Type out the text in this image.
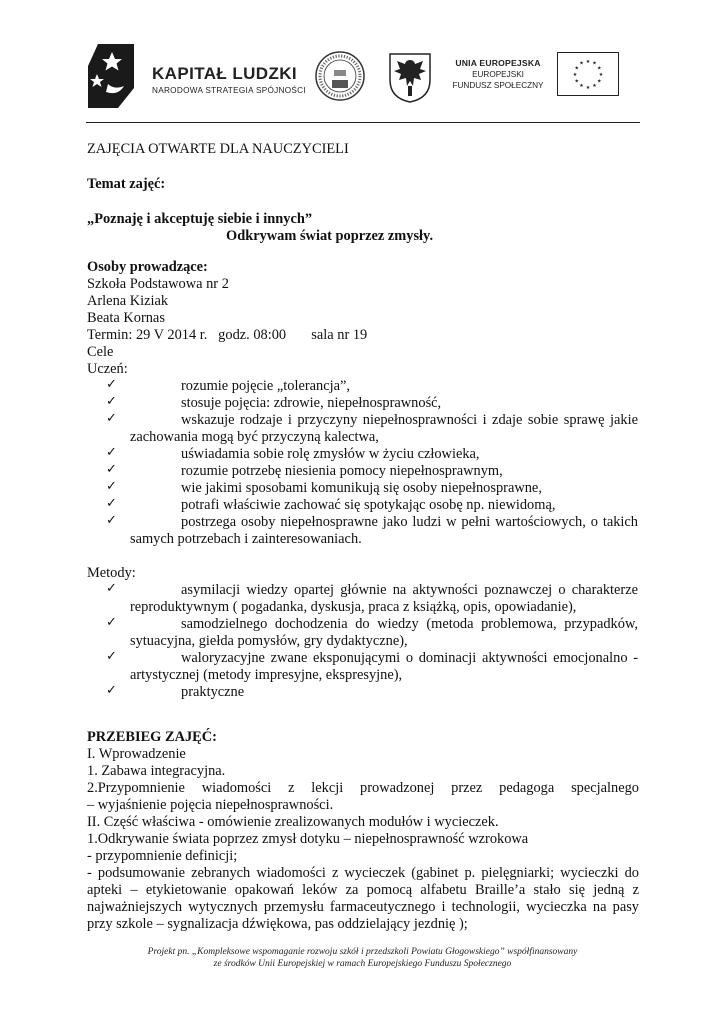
KAPITAŁ LUDZKI
NARODOWA STRATEGIA SPÓJNOŚCI
UNIA EUROPEJSKA
EUROPEJSKI
FUNDUSZ SPOŁECZNY
★ ★
★
★
★
★
★
★
★
★
★
★
ZAJĘCIA OTWARTE DLA NAUCZYCIELI
Temat zajęć:
„Poznaję i akceptuję siebie i innych”
Odkrywam świat poprzez zmysły.
Osoby prowadzące:
Szkoła Podstawowa nr 2
Arlena Kiziak
Beata Kornas
Termin: 29 V 2014 r.   godz. 08:00       sala nr 19
Cele
Uczeń:
✓	rozumie pojęcie „tolerancja”,
✓	stosuje pojęcia: zdrowie, niepełnosprawność,
✓	wskazuje rodzaje i przyczyny niepełnosprawności i zdaje sobie sprawę jakie
zachowania mogą być przyczyną kalectwa,
✓	uświadamia sobie rolę zmysłów w życiu człowieka,
✓	rozumie potrzebę niesienia pomocy niepełnosprawnym,
✓	wie jakimi sposobami komunikują się osoby niepełnosprawne,
✓	potrafi właściwie zachować się spotykając osobę np. niewidomą,
✓	postrzega osoby niepełnosprawne jako ludzi w pełni wartościowych, o takich
samych potrzebach i zainteresowaniach.
Metody:
✓	asymilacji wiedzy opartej głównie na aktywności poznawczej o charakterze
reproduktywnym ( pogadanka, dyskusja, praca z książką, opis, opowiadanie),
✓	samodzielnego dochodzenia do wiedzy (metoda problemowa, przypadków,
sytuacyjna, giełda pomysłów, gry dydaktyczne),
✓	waloryzacyjne zwane eksponującymi o dominacji aktywności emocjonalno -
artystycznej (metody impresyjne, ekspresyjne),
✓	praktyczne
PRZEBIEG ZAJĘĆ:
I. Wprowadzenie
1. Zabawa integracyjna.
2.Przypomnienie  wiadomości  z  lekcji  prowadzonej  przez  pedagoga  specjalnego
– wyjaśnienie pojęcia niepełnosprawności.
II. Część właściwa - omówienie zrealizowanych modułów i wycieczek.
1.Odkrywanie świata poprzez zmysł dotyku – niepełnosprawność wzrokowa
- przypomnienie definicji;
- podsumowanie zebranych wiadomości z wycieczek (gabinet p. pielęgniarki; wycieczki do
apteki  –  etykietowanie  opakowań  leków  za  pomocą  alfabetu  Braille’a  stało  się  jedną  z
najważniejszych wytycznych przemysłu farmaceutycznego i technologii, wycieczka na pasy
przy szkole – sygnalizacja dźwiękowa, pas oddzielający jezdnię );
Projekt pn. „Kompleksowe wspomaganie rozwoju szkół i przedszkoli Powiatu Głogowskiego” współfinansowany
ze środków Unii Europejskiej w ramach Europejskiego Funduszu Społecznego
